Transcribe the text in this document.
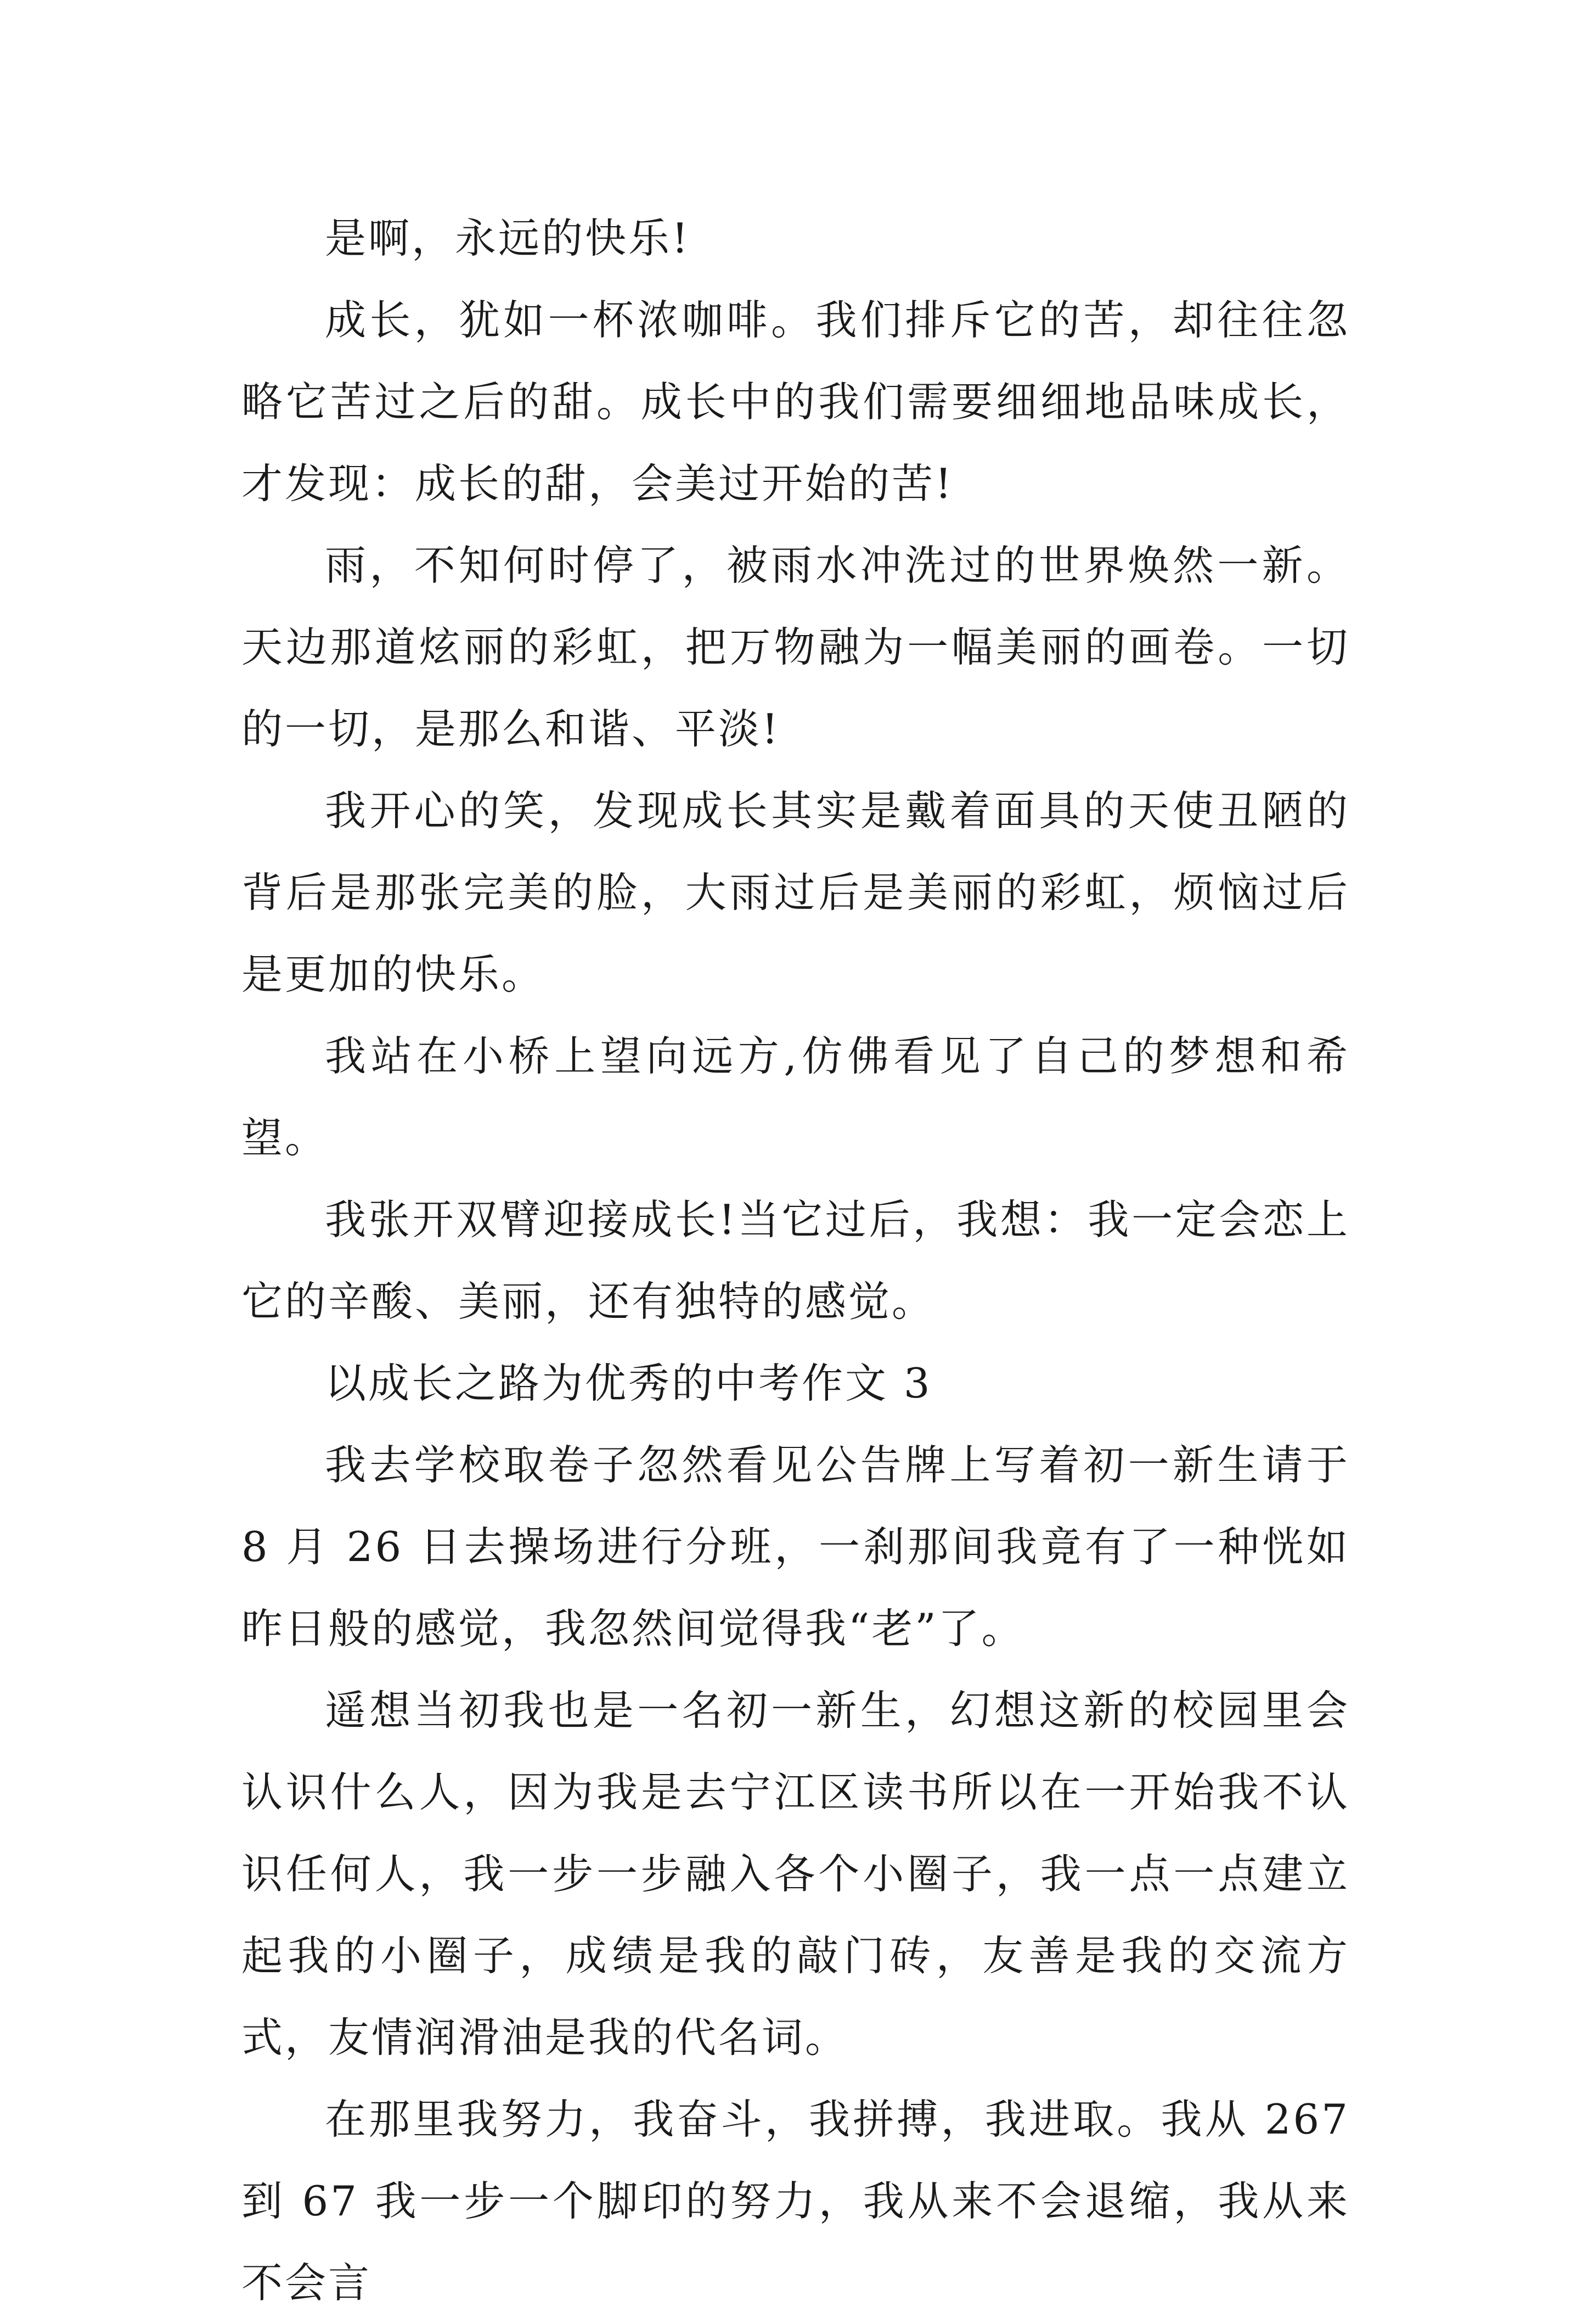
是啊，永远的快乐!

成长，犹如一杯浓咖啡。我们排斥它的苦，却往往忽略它苦过之后的甜。成长中的我们需要细细地品味成长，才发现：成长的甜，会美过开始的苦!

雨，不知何时停了，被雨水冲洗过的世界焕然一新。天边那道炫丽的彩虹，把万物融为一幅美丽的画卷。一切的一切，是那么和谐、平淡!

我开心的笑，发现成长其实是戴着面具的天使丑陋的背后是那张完美的脸，大雨过后是美丽的彩虹，烦恼过后是更加的快乐。

我站在小桥上望向远方,仿佛看见了自己的梦想和希望。

我张开双臂迎接成长!当它过后，我想：我一定会恋上它的辛酸、美丽，还有独特的感觉。

以成长之路为优秀的中考作文 3

我去学校取卷子忽然看见公告牌上写着初一新生请于 8 月 26 日去操场进行分班，一刹那间我竟有了一种恍如昨日般的感觉，我忽然间觉得我“老”了。

遥想当初我也是一名初一新生，幻想这新的校园里会认识什么人，因为我是去宁江区读书所以在一开始我不认识任何人，我一步一步融入各个小圈子，我一点一点建立起我的小圈子，成绩是我的敲门砖，友善是我的交流方式，友情润滑油是我的代名词。

在那里我努力，我奋斗，我拼搏，我进取。我从 267 到 67 我一步一个脚印的努力，我从来不会退缩，我从来不会言
